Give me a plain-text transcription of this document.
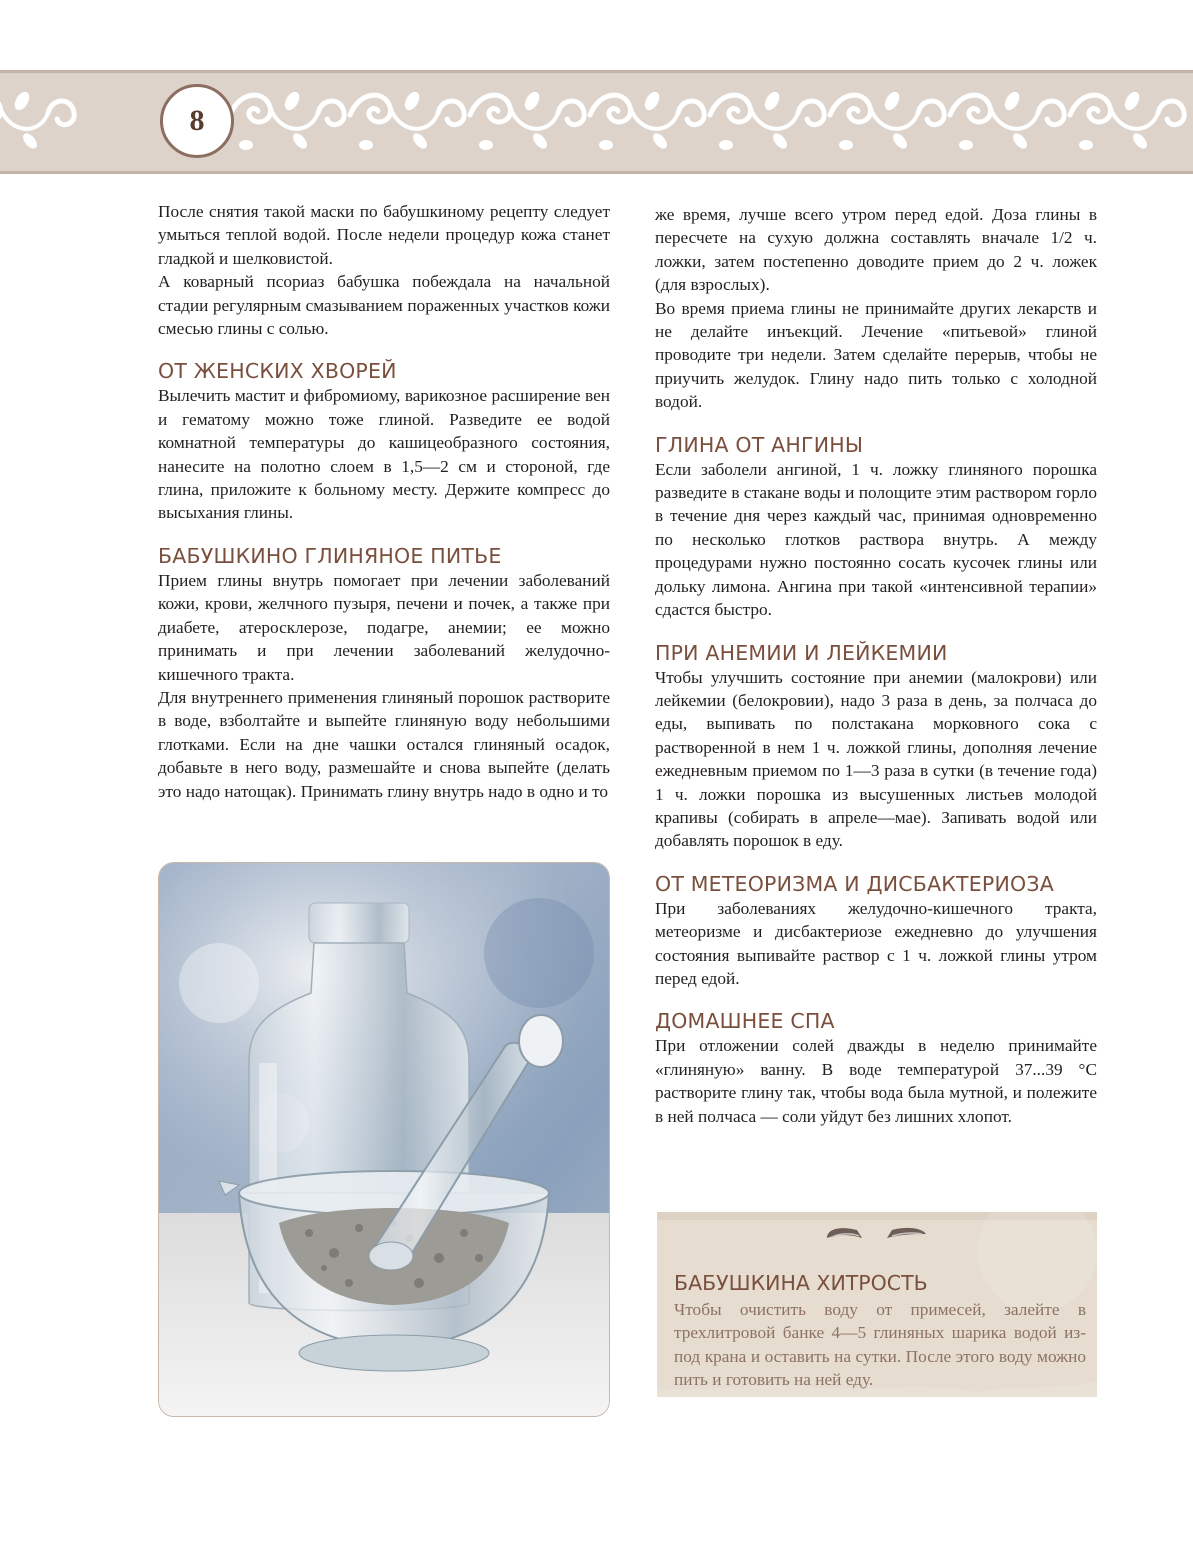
8

После снятия такой маски по бабушкиному рецепту следует умыться теплой водой. После недели процедур кожа станет гладкой и шелковистой.

А коварный псориаз бабушка побеждала на начальной стадии регулярным смазыванием пораженных участков кожи смесью глины с солью.

ОТ ЖЕНСКИХ ХВОРЕЙ

Вылечить мастит и фибромиому, варикозное расширение вен и гематому можно тоже глиной. Разведите ее водой комнатной температуры до кашицеобразного состояния, нанесите на полотно слоем в 1,5—2 см и стороной, где глина, приложите к больному месту. Держите компресс до высыхания глины.

БАБУШКИНО ГЛИНЯНОЕ ПИТЬЕ

Прием глины внутрь помогает при лечении заболеваний кожи, крови, желчного пузыря, печени и почек, а также при диабете, атеросклерозе, подагре, анемии; ее можно принимать и при лечении заболеваний желудочно-кишечного тракта.

Для внутреннего применения глиняный порошок растворите в воде, взболтайте и выпейте глиняную воду небольшими глотками. Если на дне чашки остался глиняный осадок, добавьте в него воду, размешайте и снова выпейте (делать это надо натощак). Принимать глину внутрь надо в одно и то

же время, лучше всего утром перед едой. Доза глины в пересчете на сухую должна составлять вначале 1/2 ч. ложки, затем постепенно доводите прием до 2 ч. ложек (для взрослых).

Во время приема глины не принимайте других лекарств и не делайте инъекций. Лечение «питьевой» глиной проводите три недели. Затем сделайте перерыв, чтобы не приучить желудок. Глину надо пить только с холодной водой.

ГЛИНА ОТ АНГИНЫ

Если заболели ангиной, 1 ч. ложку глиняного порошка разведите в стакане воды и полощите этим раствором горло в течение дня через каждый час, принимая одновременно по несколько глотков раствора внутрь. А между процедурами нужно постоянно сосать кусочек глины или дольку лимона. Ангина при такой «интенсивной терапии» сдастся быстро.

ПРИ АНЕМИИ И ЛЕЙКЕМИИ

Чтобы улучшить состояние при анемии (малокрови) или лейкемии (белокровии), надо 3 раза в день, за полчаса до еды, выпивать по полстакана морковного сока с растворенной в нем 1 ч. ложкой глины, дополняя лечение ежедневным приемом по 1—3 раза в сутки (в течение года) 1 ч. ложки порошка из высушенных листьев молодой крапивы (собирать в апреле—мае). Запивать водой или добавлять порошок в еду.

ОТ МЕТЕОРИЗМА И ДИСБАКТЕРИОЗА

При заболеваниях желудочно-кишечного тракта, метеоризме и дисбактериозе ежедневно до улучшения состояния выпивайте раствор с 1 ч. ложкой глины утром перед едой.

ДОМАШНЕЕ СПА

При отложении солей дважды в неделю принимайте «глиняную» ванну. В воде температурой 37...39 °С растворите глину так, чтобы вода была мутной, и полежите в ней полчаса — соли уйдут без лишних хлопот.

БАБУШКИНА ХИТРОСТЬ
Чтобы очистить воду от примесей, залейте в трехлитровой банке 4—5 глиняных шарика водой из-под крана и оставить на сутки. После этого воду можно пить и готовить на ней еду.
